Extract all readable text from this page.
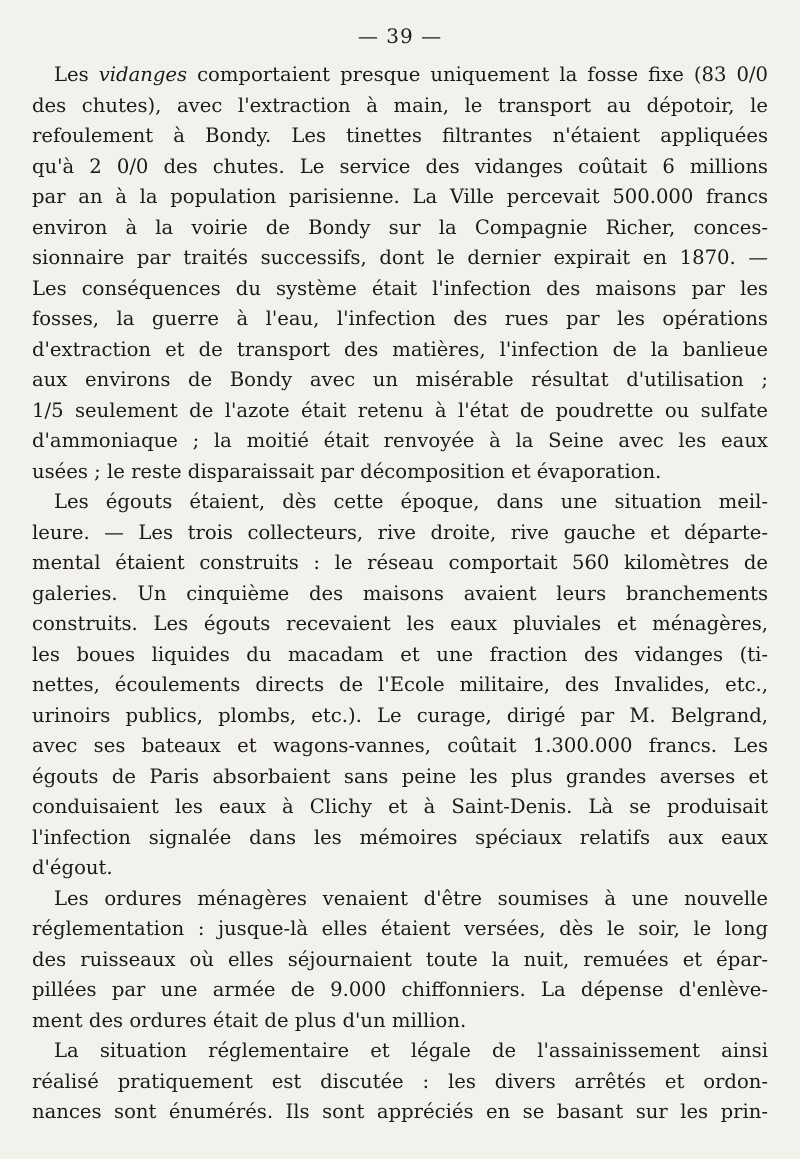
— 39 —
Les vidanges comportaient presque uniquement la fosse fixe (83 0/0
des chutes), avec l'extraction à main, le transport au dépotoir, le
refoulement à Bondy. Les tinettes filtrantes n'étaient appliquées
qu'à 2 0/0 des chutes. Le service des vidanges coûtait 6 millions
par an à la population parisienne. La Ville percevait 500.000 francs
environ à la voirie de Bondy sur la Compagnie Richer, conces-
sionnaire par traités successifs, dont le dernier expirait en 1870. —
Les conséquences du système était l'infection des maisons par les
fosses, la guerre à l'eau, l'infection des rues par les opérations
d'extraction et de transport des matières, l'infection de la banlieue
aux environs de Bondy avec un misérable résultat d'utilisation ;
1/5 seulement de l'azote était retenu à l'état de poudrette ou sulfate
d'ammoniaque ; la moitié était renvoyée à la Seine avec les eaux
usées ; le reste disparaissait par décomposition et évaporation.
Les égouts étaient, dès cette époque, dans une situation meil-
leure. — Les trois collecteurs, rive droite, rive gauche et départe-
mental étaient construits : le réseau comportait 560 kilomètres de
galeries. Un cinquième des maisons avaient leurs branchements
construits. Les égouts recevaient les eaux pluviales et ménagères,
les boues liquides du macadam et une fraction des vidanges (ti-
nettes, écoulements directs de l'Ecole militaire, des Invalides, etc.,
urinoirs publics, plombs, etc.). Le curage, dirigé par M. Belgrand,
avec ses bateaux et wagons-vannes, coûtait 1.300.000 francs. Les
égouts de Paris absorbaient sans peine les plus grandes averses et
conduisaient les eaux à Clichy et à Saint-Denis. Là se produisait
l'infection signalée dans les mémoires spéciaux relatifs aux eaux
d'égout.
Les ordures ménagères venaient d'être soumises à une nouvelle
réglementation : jusque-là elles étaient versées, dès le soir, le long
des ruisseaux où elles séjournaient toute la nuit, remuées et épar-
pillées par une armée de 9.000 chiffonniers. La dépense d'enlève-
ment des ordures était de plus d'un million.
La situation réglementaire et légale de l'assainissement ainsi
réalisé pratiquement est discutée : les divers arrêtés et ordon-
nances sont énumérés. Ils sont appréciés en se basant sur les prin-
